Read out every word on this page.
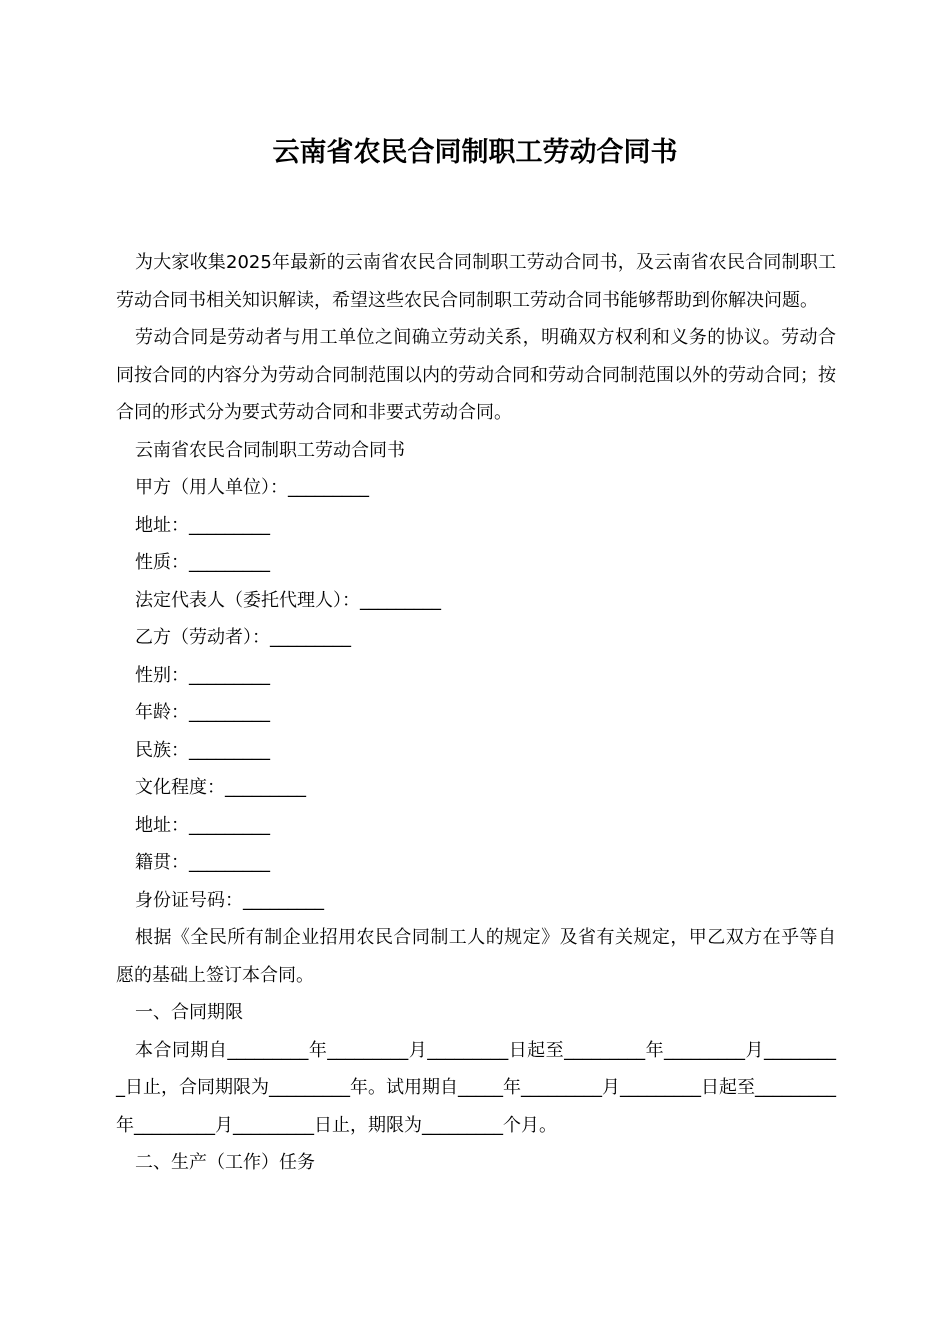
云南省农民合同制职工劳动合同书

为大家收集2025年最新的云南省农民合同制职工劳动合同书，及云南省农民合同制职工劳动合同书相关知识解读，希望这些农民合同制职工劳动合同书能够帮助到你解决问题。

劳动合同是劳动者与用工单位之间确立劳动关系，明确双方权利和义务的协议。劳动合同按合同的内容分为劳动合同制范围以内的劳动合同和劳动合同制范围以外的劳动合同；按合同的形式分为要式劳动合同和非要式劳动合同。

云南省农民合同制职工劳动合同书

甲方（用人单位）：_________

地址：_________

性质：_________

法定代表人（委托代理人）：_________

乙方（劳动者）：_________

性别：_________

年龄：_________

民族：_________

文化程度：_________

地址：_________

籍贯：_________

身份证号码：_________

根据《全民所有制企业招用农民合同制工人的规定》及省有关规定，甲乙双方在乎等自愿的基础上签订本合同。

一、合同期限

本合同期自_________年_________月_________日起至_________年_________月_________日止，合同期限为_________年。试用期自_____年_________月_________日起至_________年_________月_________日止，期限为_________个月。

二、生产（工作）任务
